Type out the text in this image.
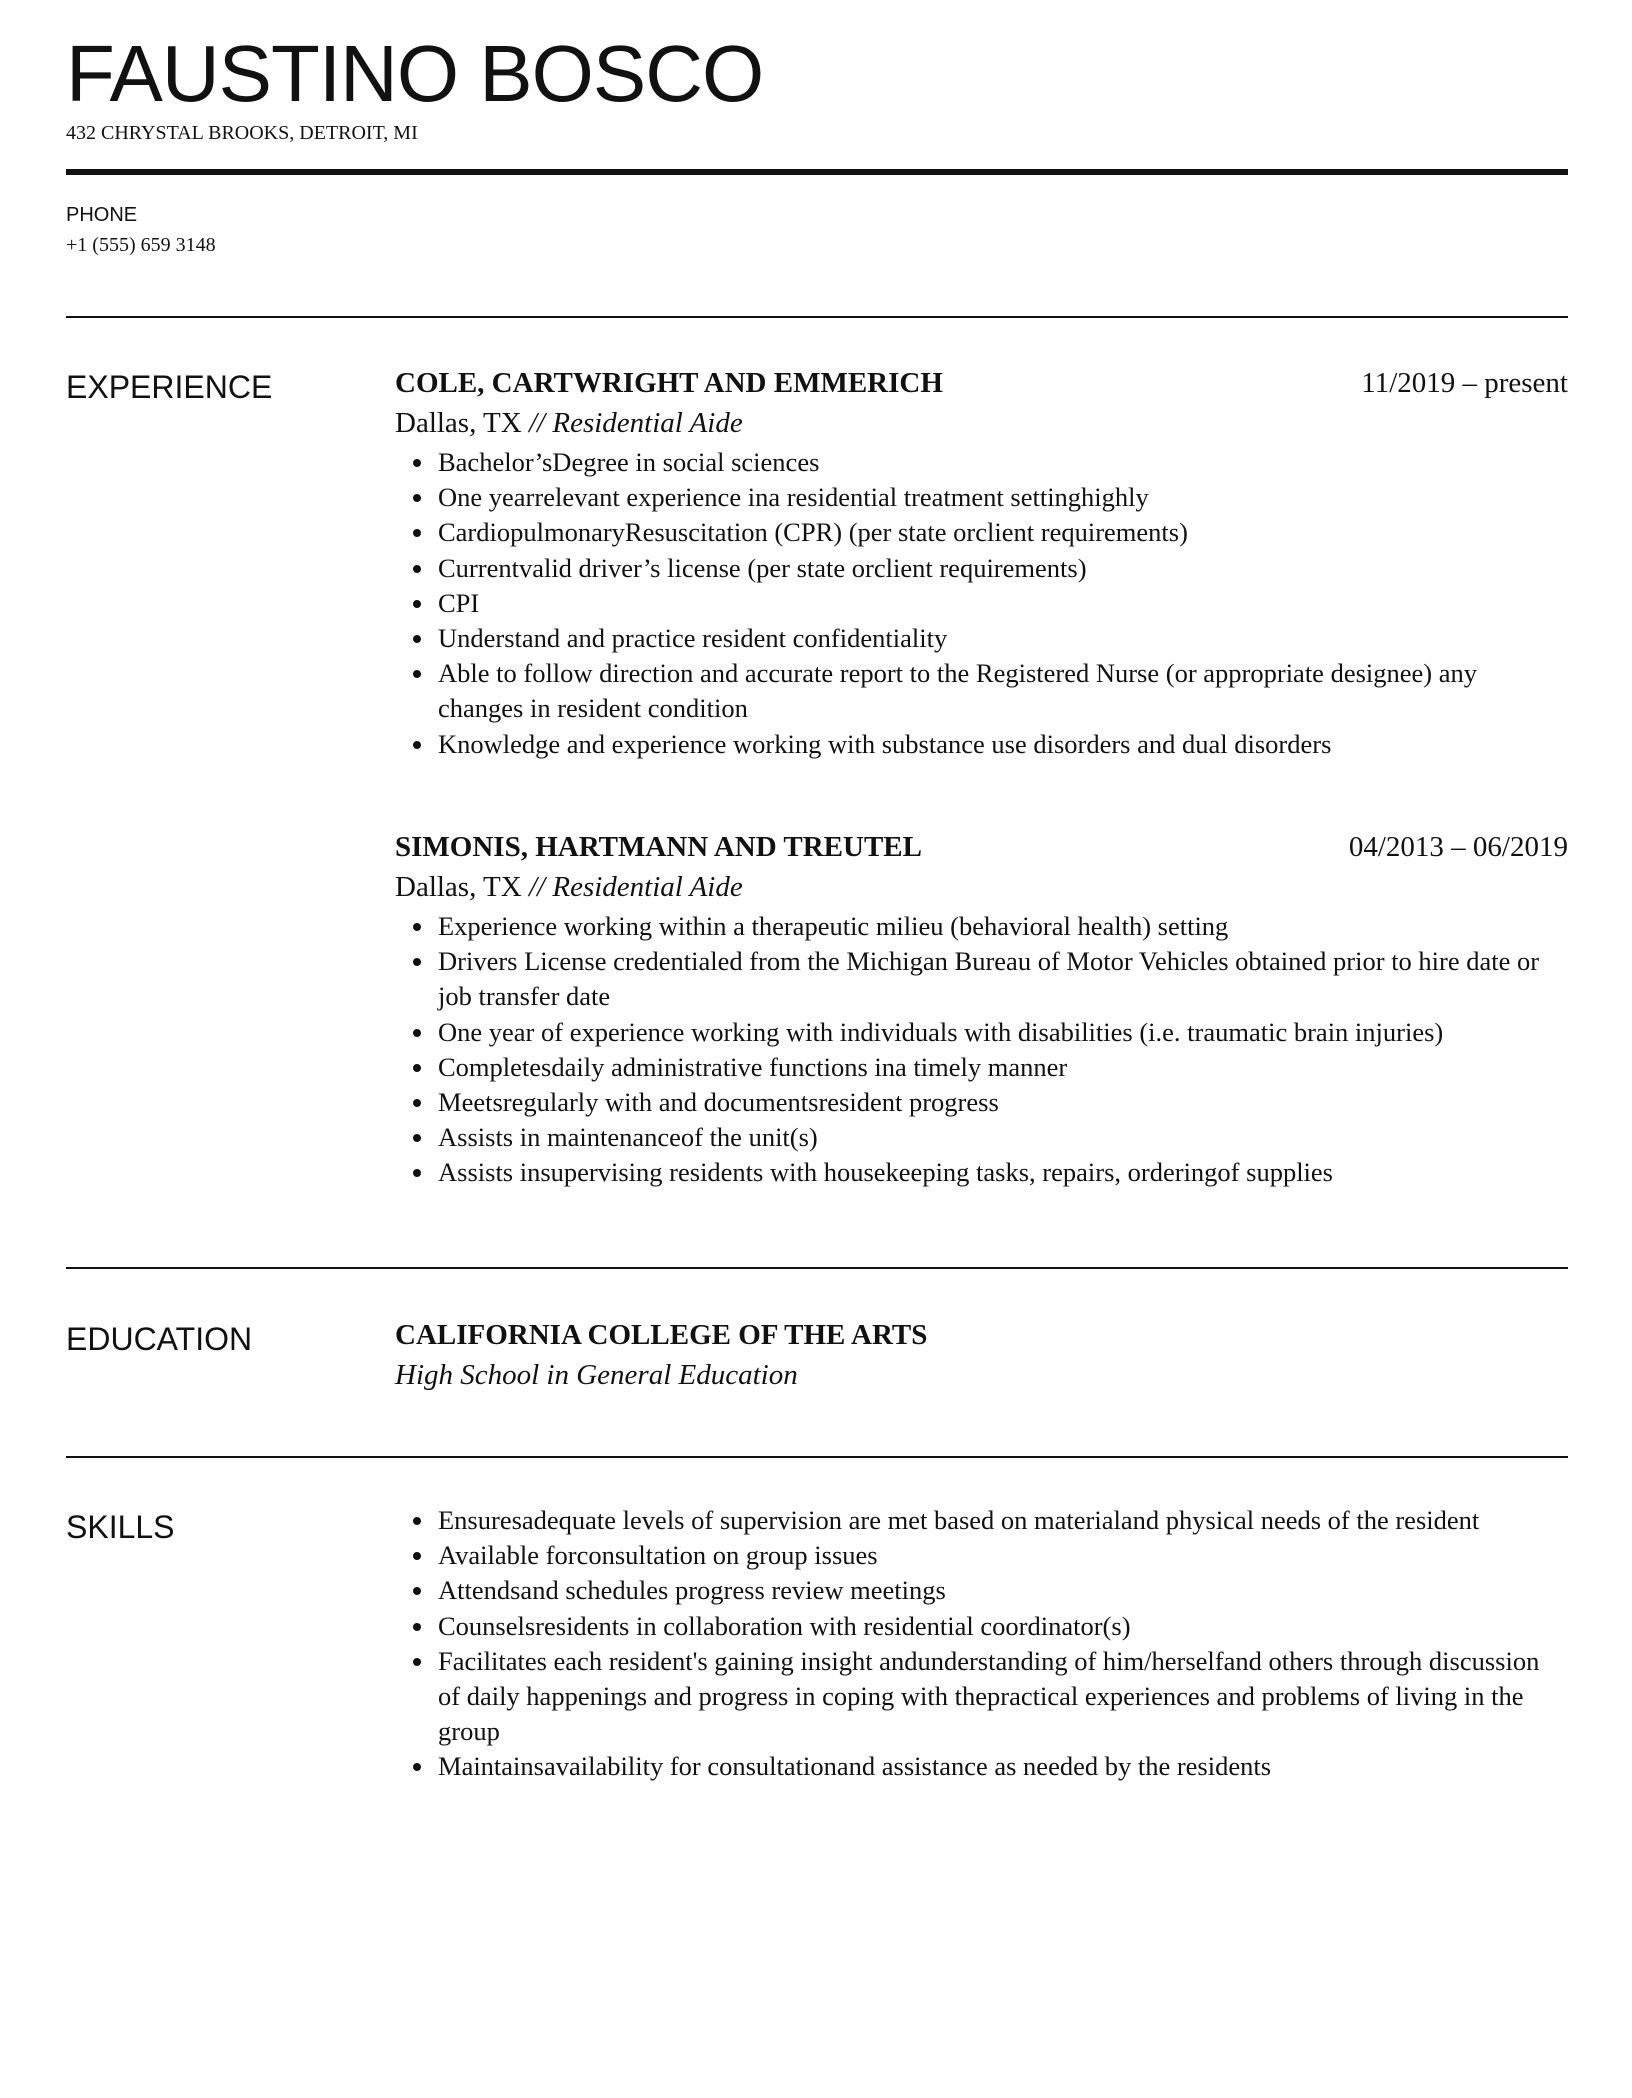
FAUSTINO BOSCO
432 CHRYSTAL BROOKS, DETROIT, MI
PHONE
+1 (555) 659 3148
EXPERIENCE	COLE, CARTWRIGHT AND EMMERICH	11/2019 – present
Dallas, TX // Residential Aide
Bachelor’sDegree in social sciences
One yearrelevant experience ina residential treatment settinghighly
CardiopulmonaryResuscitation (CPR) (per state orclient requirements)
Currentvalid driver’s license (per state orclient requirements)
CPI
Understand and practice resident confidentiality
Able to follow direction and accurate report to the Registered Nurse (or appropriate designee) any changes in resident condition
Knowledge and experience working with substance use disorders and dual disorders
SIMONIS, HARTMANN AND TREUTEL	04/2013 – 06/2019
Dallas, TX // Residential Aide
Experience working within a therapeutic milieu (behavioral health) setting
Drivers License credentialed from the Michigan Bureau of Motor Vehicles obtained prior to hire date or job transfer date
One year of experience working with individuals with disabilities (i.e. traumatic brain injuries)
Completesdaily administrative functions ina timely manner
Meetsregularly with and documentsresident progress
Assists in maintenanceof the unit(s)
Assists insupervising residents with housekeeping tasks, repairs, orderingof supplies
EDUCATION	CALIFORNIA COLLEGE OF THE ARTS
High School in General Education
SKILLS	Ensuresadequate levels of supervision are met based on materialand physical needs of the resident
Available forconsultation on group issues
Attendsand schedules progress review meetings
Counselsresidents in collaboration with residential coordinator(s)
Facilitates each resident's gaining insight andunderstanding of him/herselfand others through discussion of daily happenings and progress in coping with thepractical experiences and problems of living in the group
Maintainsavailability for consultationand assistance as needed by the residents
